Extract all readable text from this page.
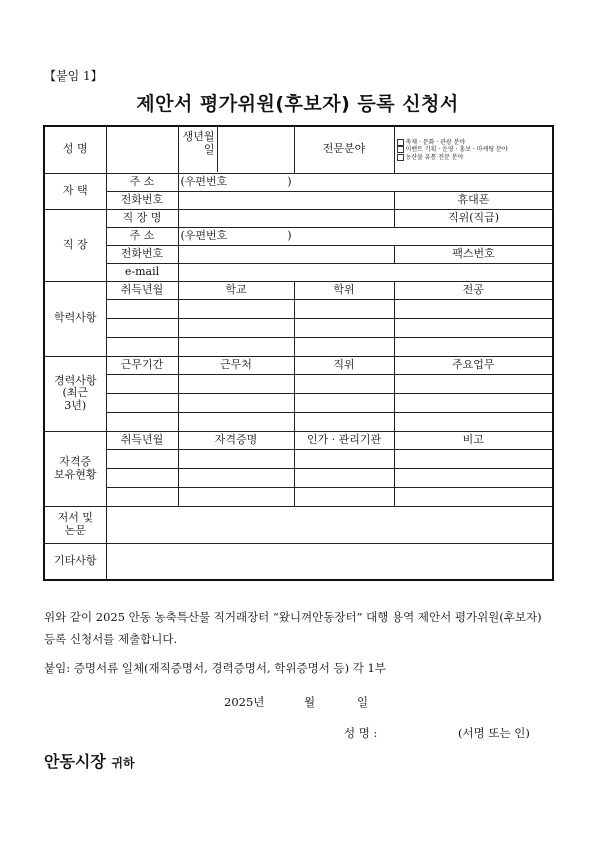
【붙임 1】
제안서 평가위원(후보자) 등록 신청서
성 명		생년월일	전문분야	축제 · 문화 · 관광 분야
이벤트 기획 · 운영 · 홍보 · 마케팅 분야
농산물 유통 전문 분야	

자 택	주 소	(우편번호 )			
	전화번호			휴대폰	
직 장	직 장 명			직위(직급)	
	주 소	(우편번호 )			
	전화번호			팩스번호	
	e-mail				
학력사항	취득년월	학교	학위	전공	

경력사항
(최근
3년)	근무기간	근무처	직위	주요업무	

자격증
보유현황	취득년월	자격증명	인가 · 관리기관	비고	

저서 및
논문					
기타사항					
위와 같이 2025 안동 농축특산물 직거래장터 “왔니껴안동장터” 대행 용역 제안서 평가위원(후보자) 등록 신청서를 제출합니다.
붙임: 증명서류 일체(재직증명서, 경력증명서, 학위증명서 등) 각 1부
2025년	월	일
성 명 :	(서명 또는 인)
안동시장 귀하
